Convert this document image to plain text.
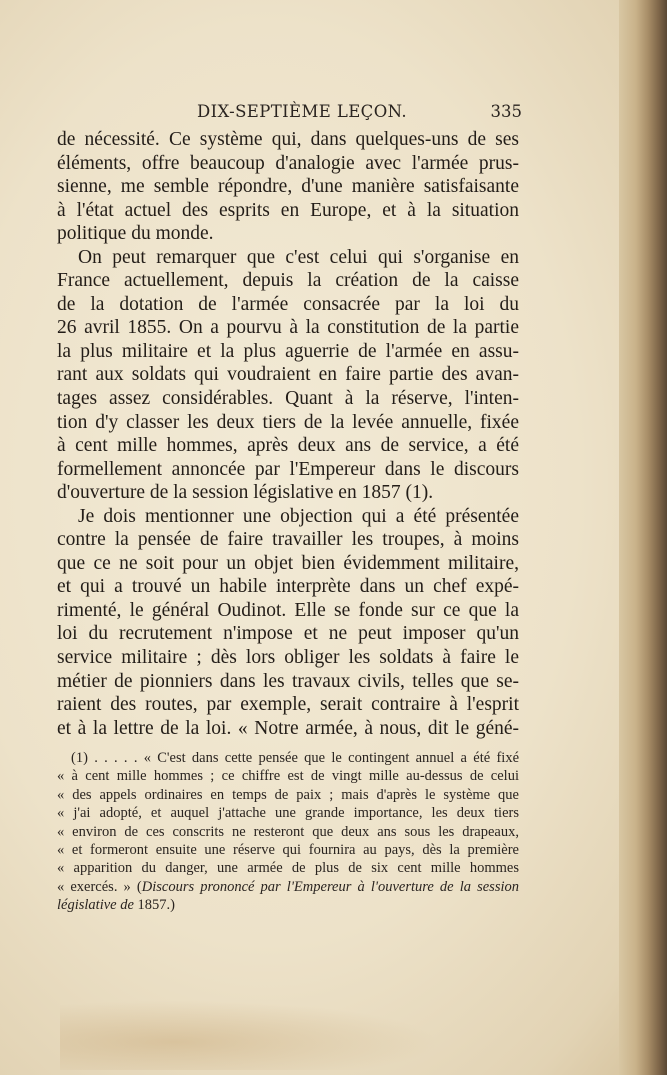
DIX-SEPTIÈME LEÇON.	335
de nécessité. Ce système qui, dans quelques-uns de ses
éléments, offre beaucoup d'analogie avec l'armée prus-
sienne, me semble répondre, d'une manière satisfaisante
à l'état actuel des esprits en Europe, et à la situation
politique du monde.
On peut remarquer que c'est celui qui s'organise en
France actuellement, depuis la création de la caisse
de la dotation de l'armée consacrée par la loi du
26 avril 1855. On a pourvu à la constitution de la partie
la plus militaire et la plus aguerrie de l'armée en assu-
rant aux soldats qui voudraient en faire partie des avan-
tages assez considérables. Quant à la réserve, l'inten-
tion d'y classer les deux tiers de la levée annuelle, fixée
à cent mille hommes, après deux ans de service, a été
formellement annoncée par l'Empereur dans le discours
d'ouverture de la session législative en 1857 (1).
Je dois mentionner une objection qui a été présentée
contre la pensée de faire travailler les troupes, à moins
que ce ne soit pour un objet bien évidemment militaire,
et qui a trouvé un habile interprète dans un chef expé-
rimenté, le général Oudinot. Elle se fonde sur ce que la
loi du recrutement n'impose et ne peut imposer qu'un
service militaire ; dès lors obliger les soldats à faire le
métier de pionniers dans les travaux civils, telles que se-
raient des routes, par exemple, serait contraire à l'esprit
et à la lettre de la loi. « Notre armée, à nous, dit le géné-
(1) . . . . . « C'est dans cette pensée que le contingent annuel a été fixé
« à cent mille hommes ; ce chiffre est de vingt mille au-dessus de celui
« des appels ordinaires en temps de paix ; mais d'après le système que
« j'ai adopté, et auquel j'attache une grande importance, les deux tiers
« environ de ces conscrits ne resteront que deux ans sous les drapeaux,
« et formeront ensuite une réserve qui fournira au pays, dès la première
« apparition du danger, une armée de plus de six cent mille hommes
« exercés. » (Discours prononcé par l'Empereur à l'ouverture de la session
législative de 1857.)
